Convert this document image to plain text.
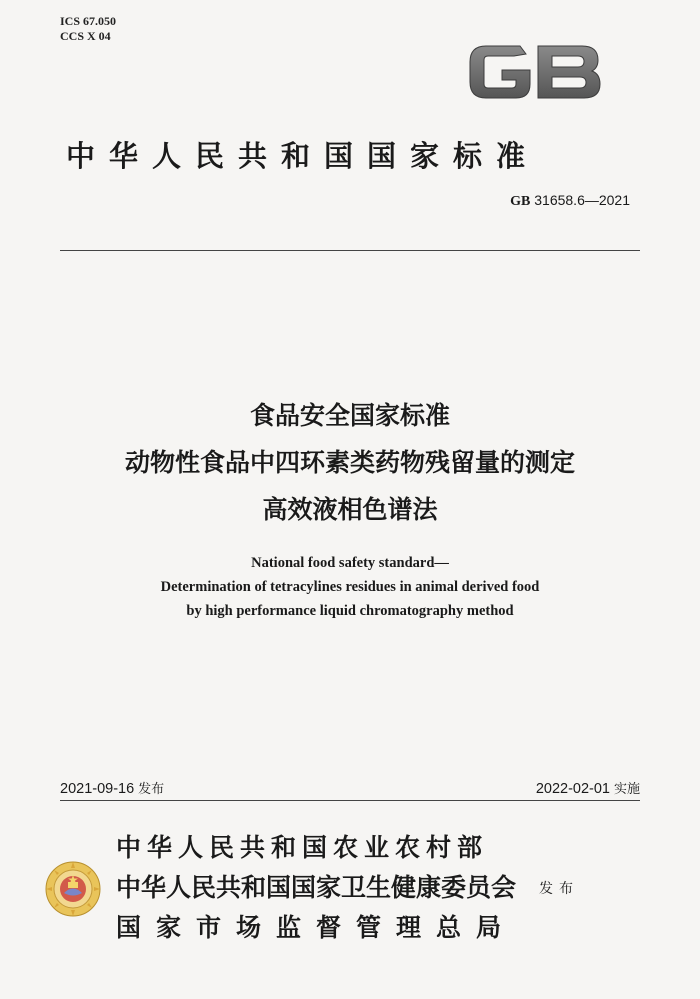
ICS 67.050
CCS X 04
GB
中华人民共和国国家标准
GB 31658.6—2021
食品安全国家标准
动物性食品中四环素类药物残留量的测定
高效液相色谱法
National food safety standard—
Determination of tetracylines residues in animal derived food
by high performance liquid chromatography method
2021-09-16 发布	2022-02-01 实施
中华人民共和国农业农村部
中华人民共和国国家卫生健康委员会
国家市场监督管理总局
发布
